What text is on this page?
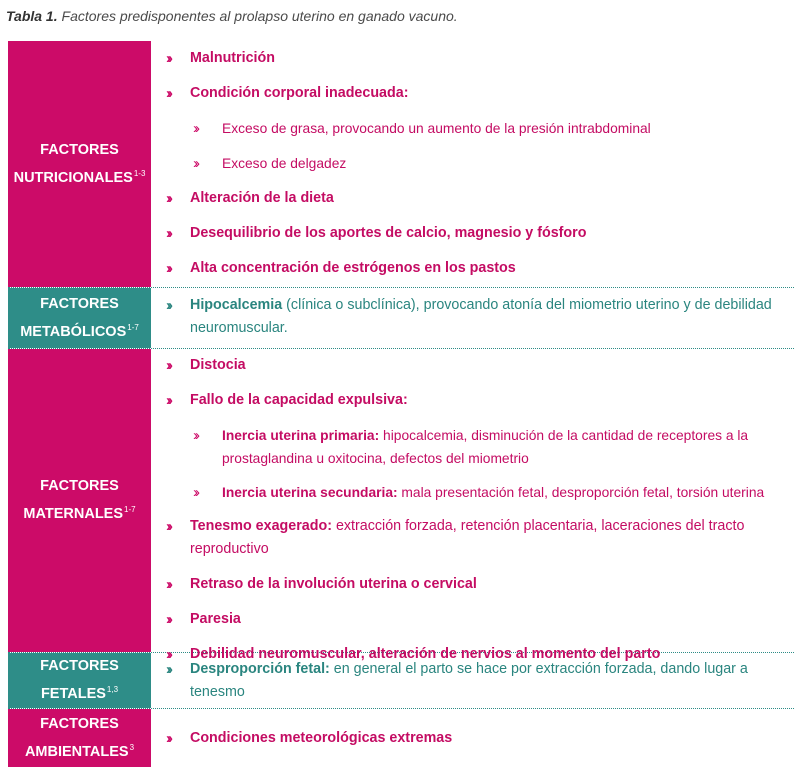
Tabla 1. Factores predisponentes al prolapso uterino en ganado vacuno.
FACTORES
NUTRICIONALES$^{1-3}$
›› Malnutrición
›› Condición corporal inadecuada:
›› Exceso de grasa, provocando un aumento de la presión intrabdominal
›› Exceso de delgadez
›› Alteración de la dieta
›› Desequilibrio de los aportes de calcio, magnesio y fósforo
›› Alta concentración de estrógenos en los pastos
FACTORES
METABÓLICOS$^{1-7}$
›› Hipocalcemia (clínica o subclínica), provocando atonía del miometrio uterino y de debilidad
neuromuscular.
FACTORES
MATERNALES$^{1-7}$
›› Distocia
›› Fallo de la capacidad expulsiva:
›› Inercia uterina primaria: hipocalcemia, disminución de la cantidad de receptores a la
prostaglandina u oxitocina, defectos del miometrio
›› Inercia uterina secundaria: mala presentación fetal, desproporción fetal, torsión uterina
›› Tenesmo exagerado: extracción forzada, retención placentaria, laceraciones del tracto reproductivo
›› Retraso de la involución uterina o cervical
›› Paresia
›› Debilidad neuromuscular, alteración de nervios al momento del parto
FACTORES
FETALES$^{1,3}$
›› Desproporción fetal: en general el parto se hace por extracción forzada, dando lugar a tenesmo
FACTORES
AMBIENTALES$^3$
›› Condiciones meteorológicas extremas
